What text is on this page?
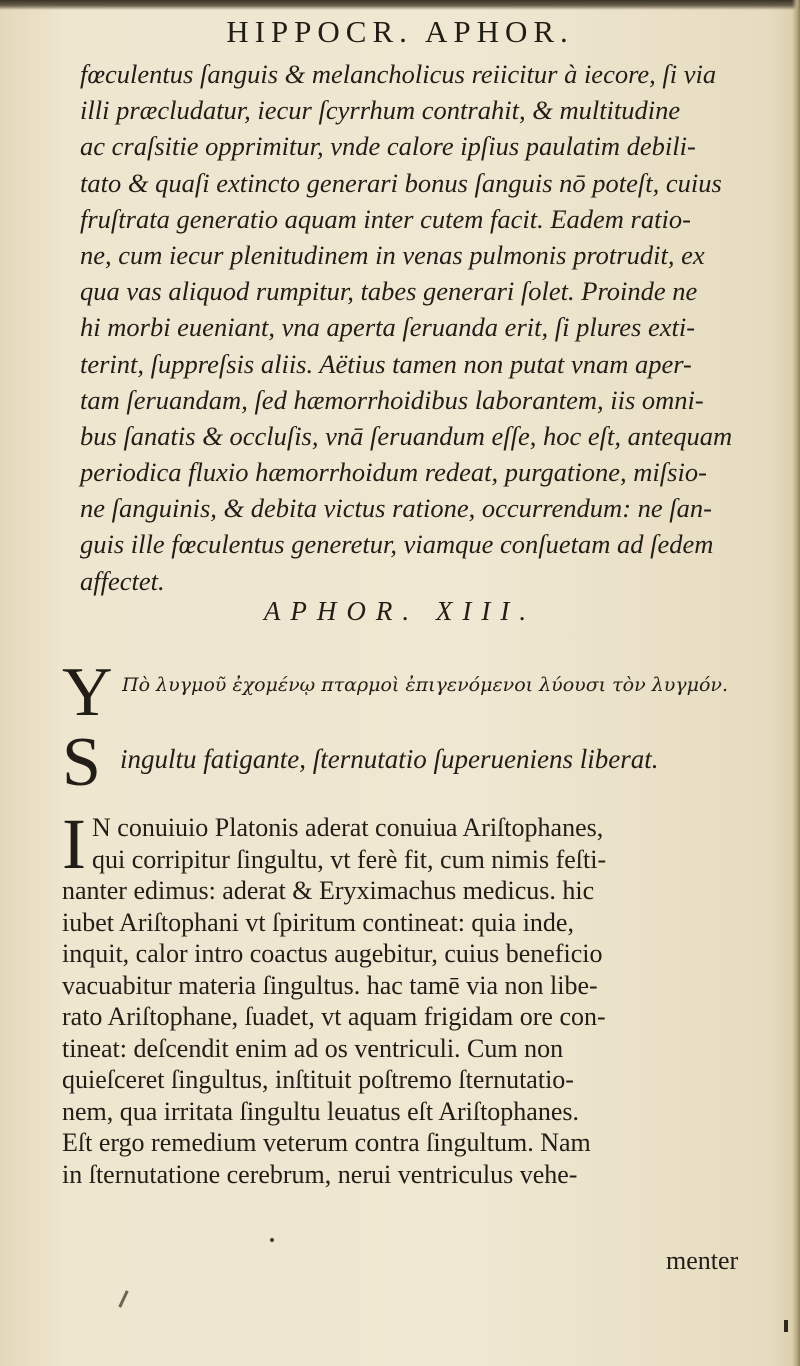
HIPPOCR. APHOR.
fœculentus ſanguis & melancholicus reiicitur à iecore, ſi via
illi præcludatur, iecur ſcyrrhum contrahit, & multitudine
ac craſsitie opprimitur, vnde calore ipſius paulatim debili-
tato & quaſi extincto generari bonus ſanguis nō poteſt, cuius
fruſtrata generatio aquam inter cutem facit. Eadem ratio-
ne, cum iecur plenitudinem in venas pulmonis protrudit, ex
qua vas aliquod rumpitur, tabes generari ſolet. Proinde ne
hi morbi eueniant, vna aperta ſeruanda erit, ſi plures exti-
terint, ſuppreſsis aliis. Aëtius tamen non putat vnam aper-
tam ſeruandam, ſed hæmorrhoidibus laborantem, iis omni-
bus ſanatis & occluſis, vnā ſeruandum eſſe, hoc eſt, antequam
periodica fluxio hæmorrhoidum redeat, purgatione, miſsio-
ne ſanguinis, & debita victus ratione, occurrendum: ne ſan-
guis ille fœculentus generetur, viamque conſuetam ad ſedem
affectet.
APHOR. XIII.
Υ Πὸ λυγμοῦ ἐχομένῳ πταρμοὶ ἐπιγενόμενοι λύουσι τὸν λυγμόν.
S ingultu fatigante, ſternutatio ſuperueniens liberat.
I N conuiuio Platonis aderat conuiua Ariſtophanes,
qui corripitur ſingultu, vt ferè fit, cum nimis feſti-
nanter edimus: aderat & Eryximachus medicus. hic
iubet Ariſtophani vt ſpiritum contineat: quia inde,
inquit, calor intro coactus augebitur, cuius beneficio
vacuabitur materia ſingultus. hac tamē via non libe-
rato Ariſtophane, ſuadet, vt aquam frigidam ore con-
tineat: deſcendit enim ad os ventriculi. Cum non
quieſceret ſingultus, inſtituit poſtremo ſternutatio-
nem, qua irritata ſingultu leuatus eſt Ariſtophanes.
Eſt ergo remedium veterum contra ſingultum. Nam
in ſternutatione cerebrum, nerui ventriculus vehe-
menter
